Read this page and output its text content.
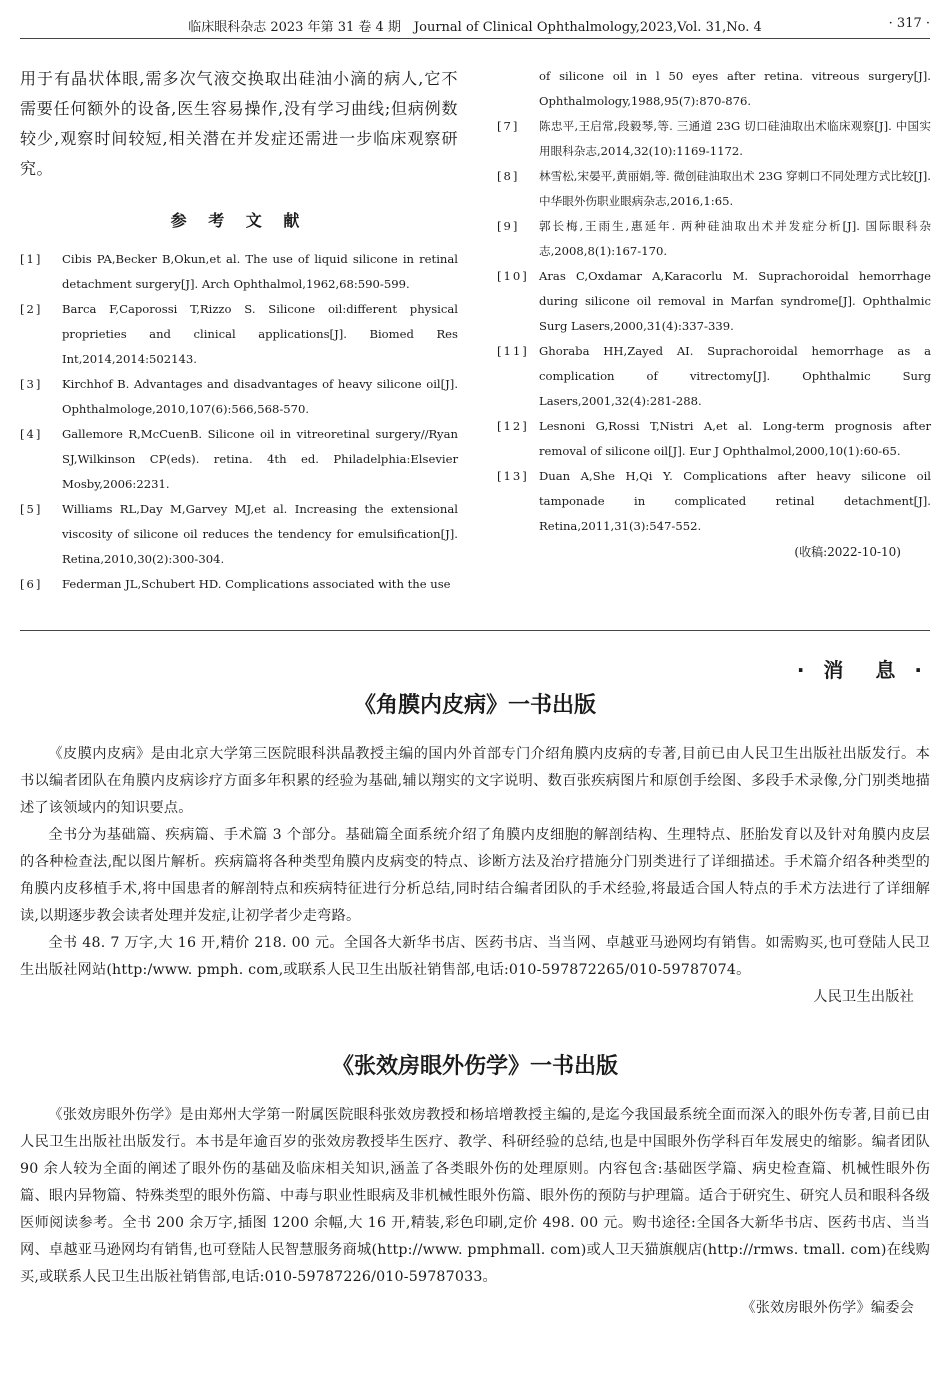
临床眼科杂志 2023 年第 31 卷 4 期　Journal of Clinical Ophthalmology,2023,Vol. 31,No. 4	· 317 ·

用于有晶状体眼,需多次气液交换取出硅油小滴的病人,它不需要任何额外的设备,医生容易操作,没有学习曲线;但病例数较少,观察时间较短,相关潜在并发症还需进一步临床观察研究。

参 考 文 献
[1]	Cibis PA,Becker B,Okun,et al. The use of liquid silicone in retinal detachment surgery[J]. Arch Ophthalmol,1962,68:590-599.
[2]	Barca F,Caporossi T,Rizzo S. Silicone oil:different physical proprieties and clinical applications[J]. Biomed Res Int,2014,2014:502143.
[3]	Kirchhof B. Advantages and disadvantages of heavy silicone oil[J]. Ophthalmologe,2010,107(6):566,568-570.
[4]	Gallemore R,McCuenB. Silicone oil in vitreoretinal surgery//Ryan SJ,Wilkinson CP(eds). retina. 4th ed. Philadelphia:Elsevier Mosby,2006:2231.
[5]	Williams RL,Day M,Garvey MJ,et al. Increasing the extensional viscosity of silicone oil reduces the tendency for emulsification[J]. Retina,2010,30(2):300-304.
[6]	Federman JL,Schubert HD. Complications associated with the use
of silicone oil in l 50 eyes after retina. vitreous surgery[J]. Ophthalmology,1988,95(7):870-876.
[7]	陈忠平,王启常,段毅琴,等. 三通道 23G 切口硅油取出术临床观察[J]. 中国实用眼科杂志,2014,32(10):1169-1172.
[8]	林雪松,宋晏平,黄丽娟,等. 微创硅油取出术 23G 穿刺口不同处理方式比较[J]. 中华眼外伤职业眼病杂志,2016,1:65.
[9]	郭长梅,王雨生,惠延年. 两种硅油取出术并发症分析[J]. 国际眼科杂志,2008,8(1):167-170.
[10] Aras C,Oxdamar A,Karacorlu M. Suprachoroidal hemorrhage during silicone oil removal in Marfan syndrome[J]. Ophthalmic Surg Lasers,2000,31(4):337-339.
[11] Ghoraba HH,Zayed AI. Suprachoroidal hemorrhage as a complication of vitrectomy[J]. Ophthalmic Surg Lasers,2001,32(4):281-288.
[12] Lesnoni G,Rossi T,Nistri A,et al. Long-term prognosis after removal of silicone oil[J]. Eur J Ophthalmol,2000,10(1):60-65.
[13] Duan A,She H,Qi Y. Complications after heavy silicone oil tamponade in complicated retinal detachment[J]. Retina,2011,31(3):547-552.
(收稿:2022-10-10)
· 消　息 ·
《角膜内皮病》一书出版

《皮膜内皮病》是由北京大学第三医院眼科洪晶教授主编的国内外首部专门介绍角膜内皮病的专著,目前已由人民卫生出版社出版发行。本书以编者团队在角膜内皮病诊疗方面多年积累的经验为基础,辅以翔实的文字说明、数百张疾病图片和原创手绘图、多段手术录像,分门别类地描述了该领域内的知识要点。

全书分为基础篇、疾病篇、手术篇 3 个部分。基础篇全面系统介绍了角膜内皮细胞的解剖结构、生理特点、胚胎发育以及针对角膜内皮层的各种检查法,配以图片解析。疾病篇将各种类型角膜内皮病变的特点、诊断方法及治疗措施分门别类进行了详细描述。手术篇介绍各种类型的角膜内皮移植手术,将中国患者的解剖特点和疾病特征进行分析总结,同时结合编者团队的手术经验,将最适合国人特点的手术方法进行了详细解读,以期逐步教会读者处理并发症,让初学者少走弯路。

全书 48. 7 万字,大 16 开,精价 218. 00 元。全国各大新华书店、医药书店、当当网、卓越亚马逊网均有销售。如需购买,也可登陆人民卫生出版社网站(http:/www. pmph. com,或联系人民卫生出版社销售部,电话:010-597872265/010-59787074。

人民卫生出版社

《张效房眼外伤学》一书出版

《张效房眼外伤学》是由郑州大学第一附属医院眼科张效房教授和杨培增教授主编的,是迄今我国最系统全面而深入的眼外伤专著,目前已由人民卫生出版社出版发行。本书是年逾百岁的张效房教授毕生医疗、教学、科研经验的总结,也是中国眼外伤学科百年发展史的缩影。编者团队 90 余人较为全面的阐述了眼外伤的基础及临床相关知识,涵盖了各类眼外伤的处理原则。内容包含:基础医学篇、病史检查篇、机械性眼外伤篇、眼内异物篇、特殊类型的眼外伤篇、中毒与职业性眼病及非机械性眼外伤篇、眼外伤的预防与护理篇。适合于研究生、研究人员和眼科各级医师阅读参考。全书 200 余万字,插图 1200 余幅,大 16 开,精装,彩色印刷,定价 498. 00 元。购书途径:全国各大新华书店、医药书店、当当网、卓越亚马逊网均有销售,也可登陆人民智慧服务商城(http://www. pmphmall. com)或人卫天猫旗舰店(http://rmws. tmall. com)在线购买,或联系人民卫生出版社销售部,电话:010-59787226/010-59787033。

《张效房眼外伤学》编委会
